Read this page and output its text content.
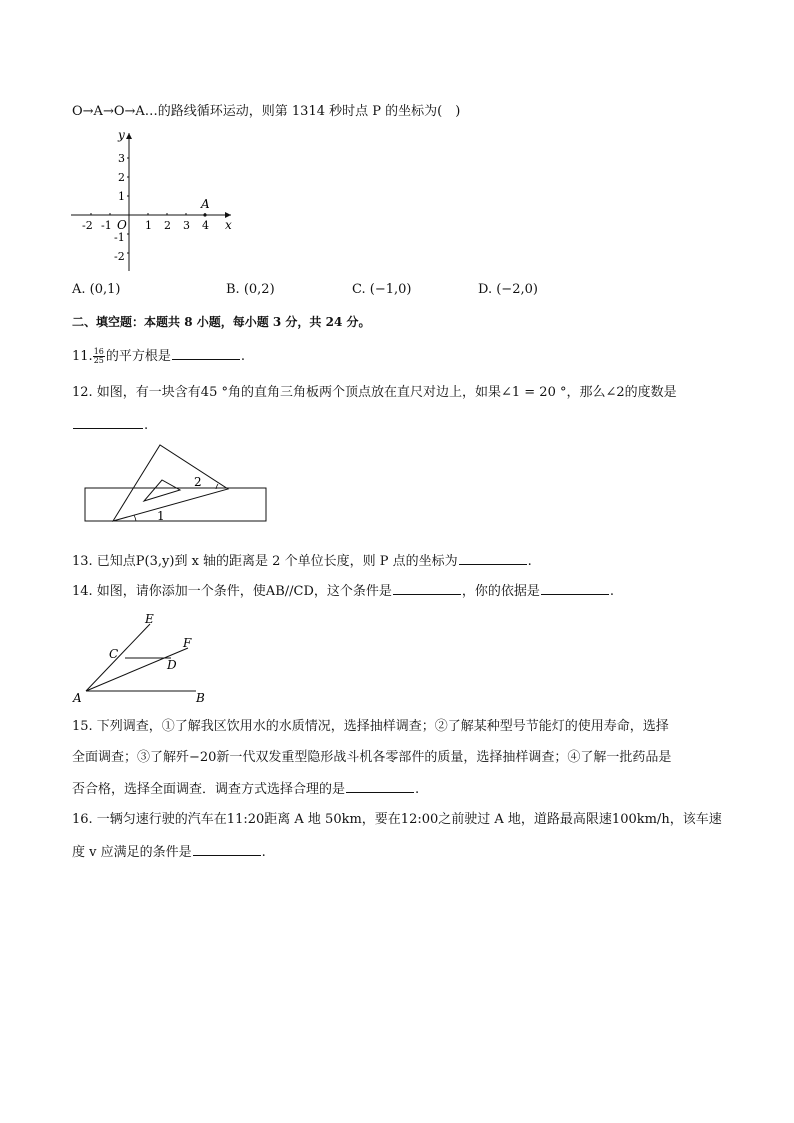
O→A→O→A…的路线循环运动，则第 1314 秒时点 P 的坐标为(　)
y
x
O
3
2
1
-1
-2
-2 -1	1 2 3 4
A
A. (0,1)	B. (0,2)	C. (−1,0)	D. (−2,0)
二、填空题：本题共 8 小题，每小题 3 分，共 24 分。
11. $\frac{16}{25}$ 的平方根是	.
12. 如图，有一块含有45 °角的直角三角板两个顶点放在直尺对边上，如果∠1 = 20 °，那么∠2的度数是
.
1
2
13. 已知点P(3,y)到 x 轴的距离是 2 个单位长度，则 P 点的坐标为	.
14. 如图，请你添加一个条件，使AB//CD，这个条件是	，你的依据是	.
E
F
C
D
A	B
15. 下列调查，①了解我区饮用水的水质情况，选择抽样调查；②了解某种型号节能灯的使用寿命，选择
全面调查；③了解歼−20新一代双发重型隐形战斗机各零部件的质量，选择抽样调查；④了解一批药品是
否合格，选择全面调查．调查方式选择合理的是	.
16. 一辆匀速行驶的汽车在11:20距离 A 地 50km，要在12:00之前驶过 A 地，道路最高限速100km/h，该车速
度 v 应满足的条件是	.
